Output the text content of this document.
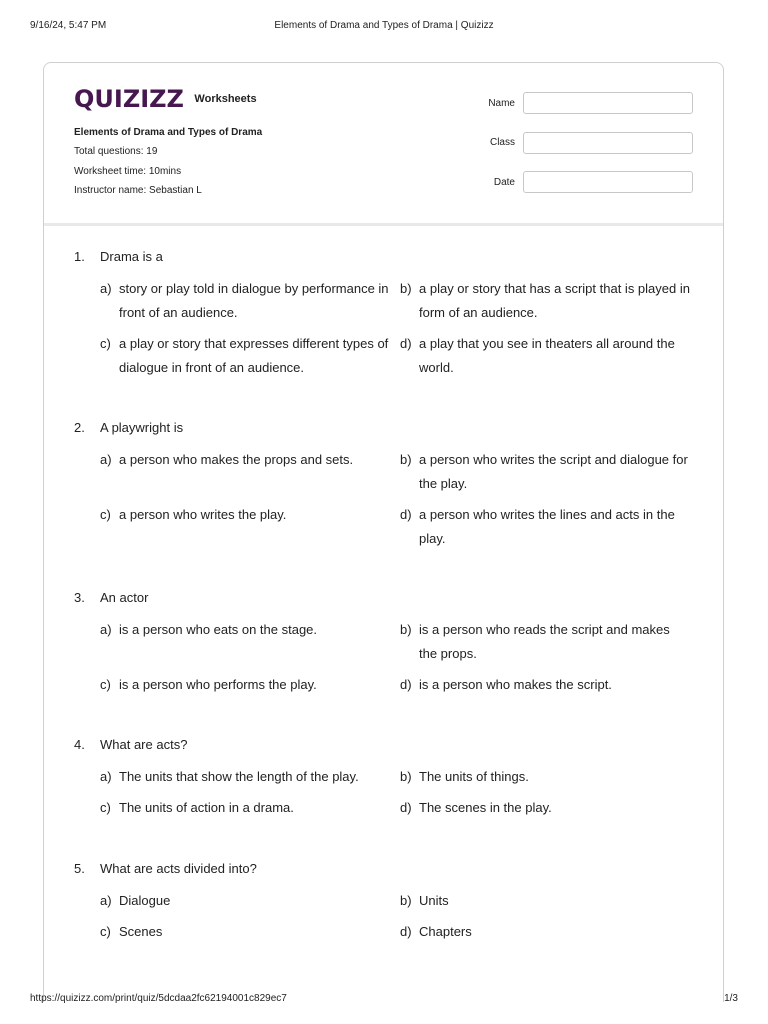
9/16/24, 5:47 PM	Elements of Drama and Types of Drama | Quizizz
QUIZIZZ Worksheets
Elements of Drama and Types of Drama
Total questions: 19
Worksheet time: 10mins
Instructor name: Sebastian L
Name
Class
Date
1. Drama is a
a) story or play told in dialogue by performance in front of an audience.
b) a play or story that has a script that is played in form of an audience.
c) a play or story that expresses different types of dialogue in front of an audience.
d) a play that you see in theaters all around the world.
2. A playwright is
a) a person who makes the props and sets.	b) a person who writes the script and dialogue for the play.
c) a person who writes the play.	d) a person who writes the lines and acts in the play.
3. An actor
a) is a person who eats on the stage.	b) is a person who reads the script and makes the props.
c) is a person who performs the play.	d) is a person who makes the script.
4. What are acts?
a) The units that show the length of the play.	b) The units of things.
c) The units of action in a drama.	d) The scenes in the play.
5. What are acts divided into?
a) Dialogue	b) Units
c) Scenes	d) Chapters
https://quizizz.com/print/quiz/5dcdaa2fc62194001c829ec7	1/3
